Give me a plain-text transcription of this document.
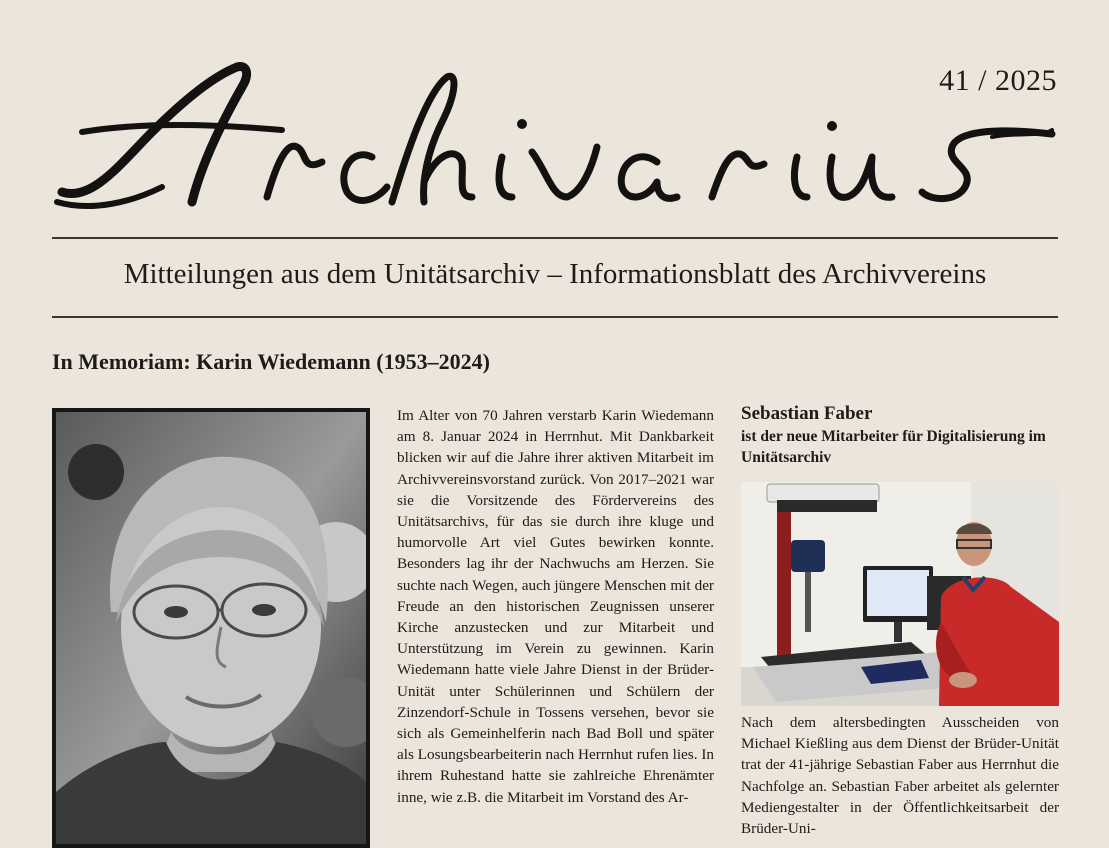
41 / 2025
Mitteilungen aus dem Unitätsarchiv – Informationsblatt des Archivvereins
In Memoriam: Karin Wiedemann (1953–2024)
Im Alter von 70 Jahren verstarb Karin Wiedemann am 8. Januar 2024 in Herrnhut. Mit Dankbarkeit blicken wir auf die Jahre ihrer aktiven Mitarbeit im Archivvereinsvorstand zurück. Von 2017–2021 war sie die Vorsitzende des Fördervereins des Unitätsarchivs, für das sie durch ihre kluge und humorvolle Art viel Gutes bewirken konnte. Besonders lag ihr der Nachwuchs am Herzen. Sie suchte nach Wegen, auch jüngere Menschen mit der Freude an den historischen Zeugnissen unserer Kirche anzustecken und zur Mitarbeit und Unterstützung im Verein zu gewinnen. Karin Wiedemann hatte viele Jahre Dienst in der Brüder-Unität unter Schülerinnen und Schülern der Zinzendorf-Schule in Tossens versehen, bevor sie sich als Gemeinhelferin nach Bad Boll und später als Losungsbearbeiterin nach Herrnhut rufen lies. In ihrem Ruhestand hatte sie zahlreiche Ehrenämter inne, wie z.B. die Mitarbeit im Vorstand des Ar-
Sebastian Faber
ist der neue Mitarbeiter für Digitalisierung im Unitätsarchiv
Nach dem altersbedingten Ausscheiden von Michael Kießling aus dem Dienst der Brüder-Unität trat der 41-jährige Sebastian Faber aus Herrnhut die Nachfolge an. Sebastian Faber arbeitet als gelernter Mediengestalter in der Öffentlichkeitsarbeit der Brüder-Uni-
